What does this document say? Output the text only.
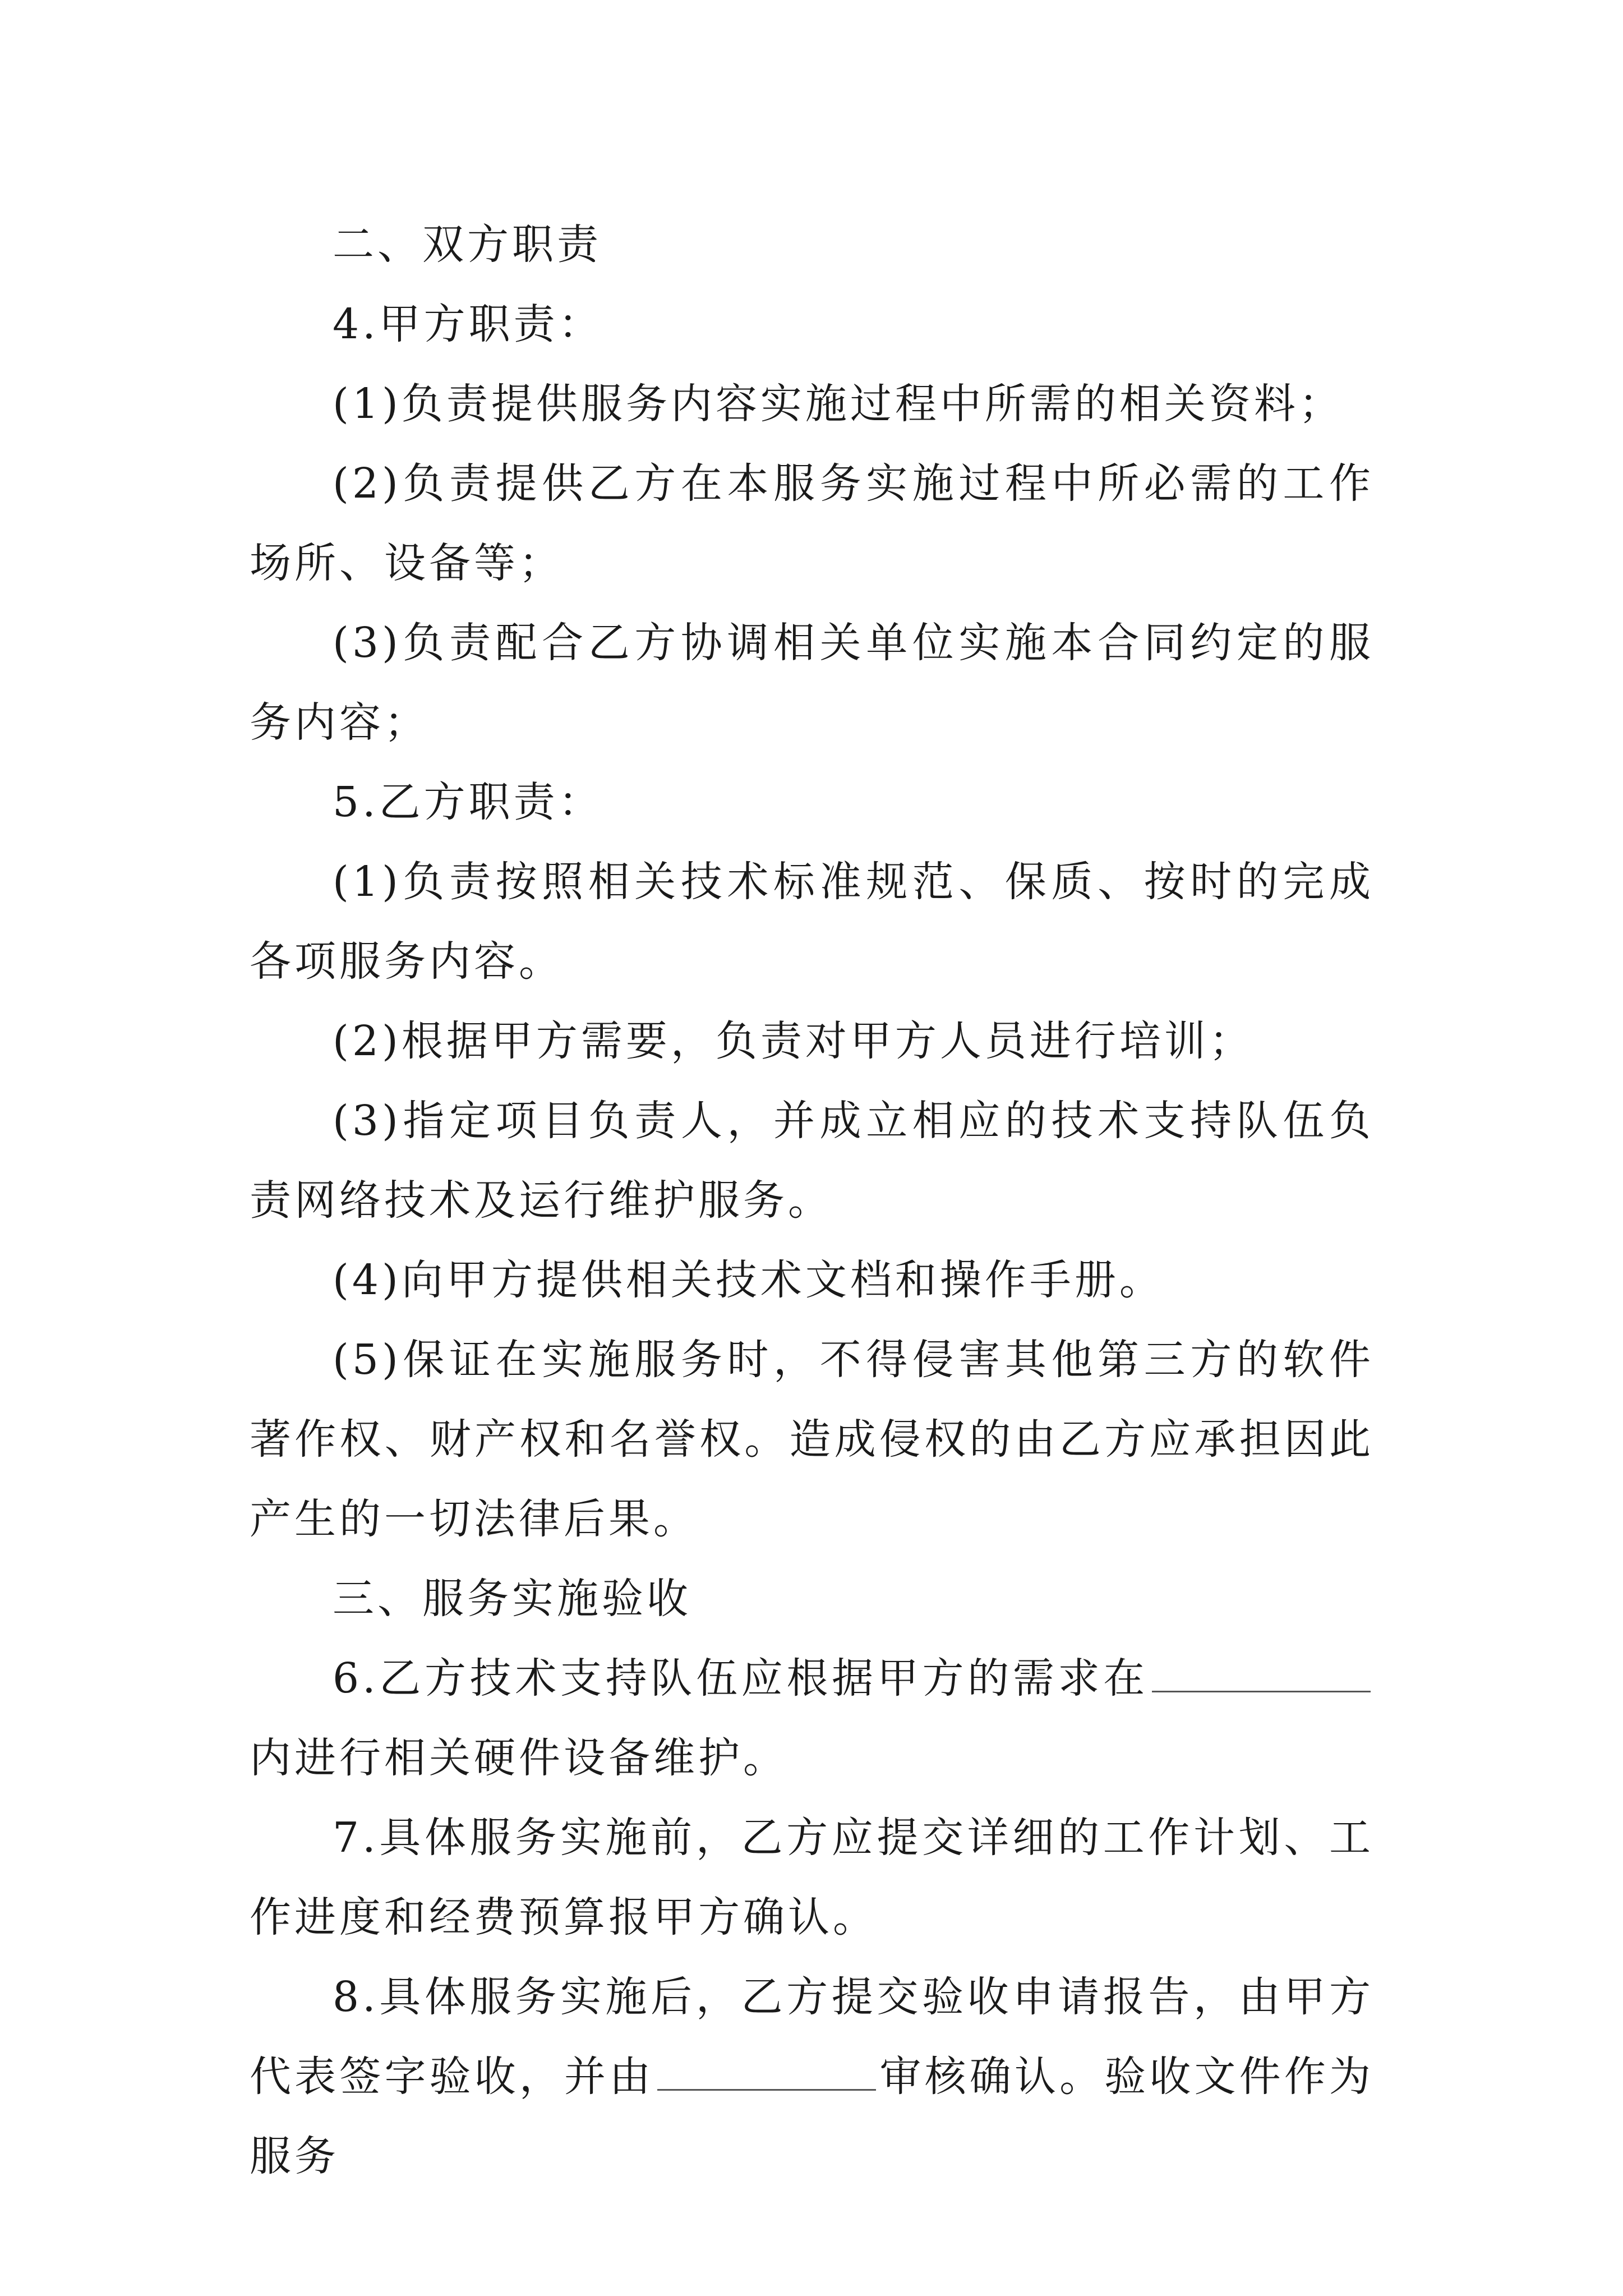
二、双方职责

4.甲方职责：

(1)负责提供服务内容实施过程中所需的相关资料；

(2)负责提供乙方在本服务实施过程中所必需的工作场所、设备等；

(3)负责配合乙方协调相关单位实施本合同约定的服务内容；

5.乙方职责：

(1)负责按照相关技术标准规范、保质、按时的完成各项服务内容。

(2)根据甲方需要，负责对甲方人员进行培训；

(3)指定项目负责人，并成立相应的技术支持队伍负责网络技术及运行维护服务。

(4)向甲方提供相关技术文档和操作手册。

(5)保证在实施服务时，不得侵害其他第三方的软件著作权、财产权和名誉权。造成侵权的由乙方应承担因此产生的一切法律后果。

三、服务实施验收

6.乙方技术支持队伍应根据甲方的需求在内进行相关硬件设备维护。

7.具体服务实施前，乙方应提交详细的工作计划、工作进度和经费预算报甲方确认。

8.具体服务实施后，乙方提交验收申请报告，由甲方代表签字验收，并由	审核确认。验收文件作为服务
